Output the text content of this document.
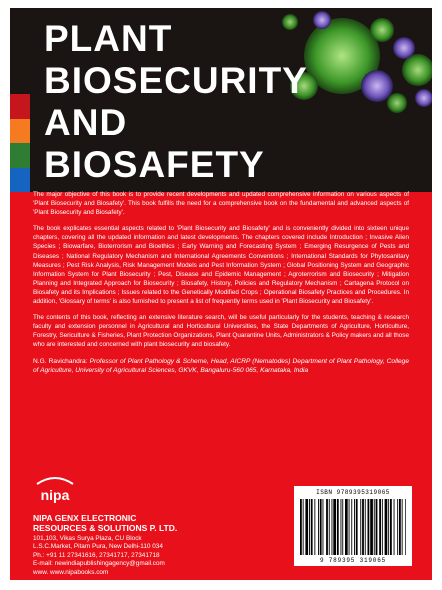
PLANT
BIOSECURITY
AND
BIOSAFETY

The major objective of this book is to provide recent developments and updated comprehensive information on various aspects of 'Plant Biosecurity and Biosafety'. This book fulfills the need for a comprehensive book on the fundamental and advanced aspects of 'Plant Biosecurity and Biosafety'.

The book explicates essential aspects related to 'Plant Biosecurity and Biosafety' and is conveniently divided into sixteen unique chapters, covering all the updated information and latest developments. The chapters covered include Introduction ; Invasive Alien Species ; Biowarfare, Bioterrorism and Bioethics ; Early Warning and Forecasting System ; Emerging Resurgence of Pests and Diseases ; National Regulatory Mechanism and International Agreements Conventions ; International Standards for Phytosanitary Measures ; Pest Risk Analysis, Risk Management Models and Pest Information System ; Global Positioning System and Geographic Information System for Plant Biosecurity ; Pest, Disease and Epidemic Management ; Agroterrorism and Biosecurity ; Mitigation Planning and Integrated Approach for Biosecurity ; Biosafety, History, Policies and Regulatory Mechanism ; Cartagena Protocol on Biosafety and its Implications ; Issues related to the Genetically Modified Crops ; Operational Biosafety Practices and Procedures. In addition, 'Glossary of terms' is also furnished to present a list of frequently terms used in 'Plant Biosecurity and Biosafety'.

The contents of this book, reflecting an extensive literature search, will be useful particularly for the students, teaching & research faculty and extension personnel in Agricultural and Horticultural Universities, the State Departments of Agriculture, Horticulture, Forestry, Sericulture & Fisheries, Plant Protection Organizations, Plant Quarantine Units, Administrators & Policy makers and all those who are interested and concerned with plant biosecurity and biosafety.

N.G. Ravichandra: Professor of Plant Pathology & Scheme, Head, AICRP (Nematodes) Department of Plant Pathology, College of Agriculture, University of Agricultural Sciences, GKVK, Bangaluru-560 065, Karnataka, India

nipa
NIPA GENX ELECTRONIC
RESOURCES & SOLUTIONS P. LTD.
101,103, Vikas Surya Plaza, CU Block
L.S.C.Market, Pitam Pura, New Delhi-110 034
Ph.: +91 11 27341616, 27341717, 27341718
E-mail: newindiapublishingagency@gmail.com
www. www.nipabooks.com
ISBN 9789395319065
9 789395 319065
